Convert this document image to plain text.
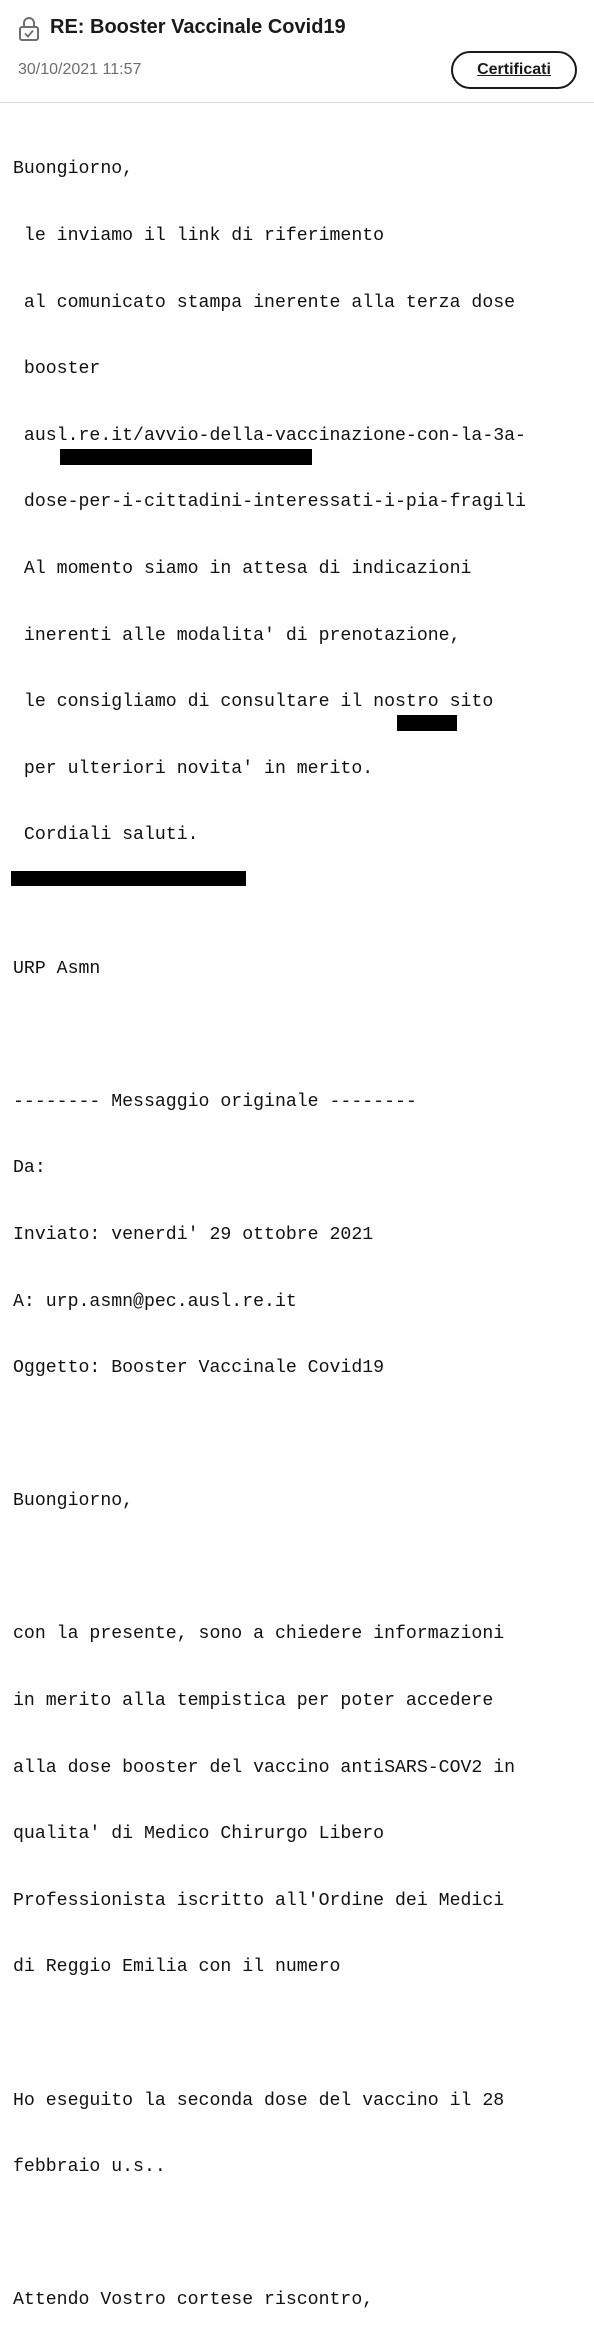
RE: Booster Vaccinale Covid19
30/10/2021 11:57	Certificati

Buongiorno,

le inviamo il link di riferimento

al comunicato stampa inerente alla terza dose

booster

ausl.re.it/avvio-della-vaccinazione-con-la-3a-

dose-per-i-cittadini-interessati-i-pia-fragili

Al momento siamo in attesa di indicazioni

inerenti alle modalita' di prenotazione,

le consigliamo di consultare il nostro sito

per ulteriori novita' in merito.

Cordiali saluti.

URP Asmn

-------- Messaggio originale --------

Da:

Inviato: venerdi' 29 ottobre 2021

A: urp.asmn@pec.ausl.re.it

Oggetto: Booster Vaccinale Covid19

Buongiorno,

con la presente, sono a chiedere informazioni

in merito alla tempistica per poter accedere

alla dose booster del vaccino antiSARS-COV2 in

qualita' di Medico Chirurgo Libero

Professionista iscritto all'Ordine dei Medici

di Reggio Emilia con il numero

Ho eseguito la seconda dose del vaccino il 28

febbraio u.s..

Attendo Vostro cortese riscontro,
